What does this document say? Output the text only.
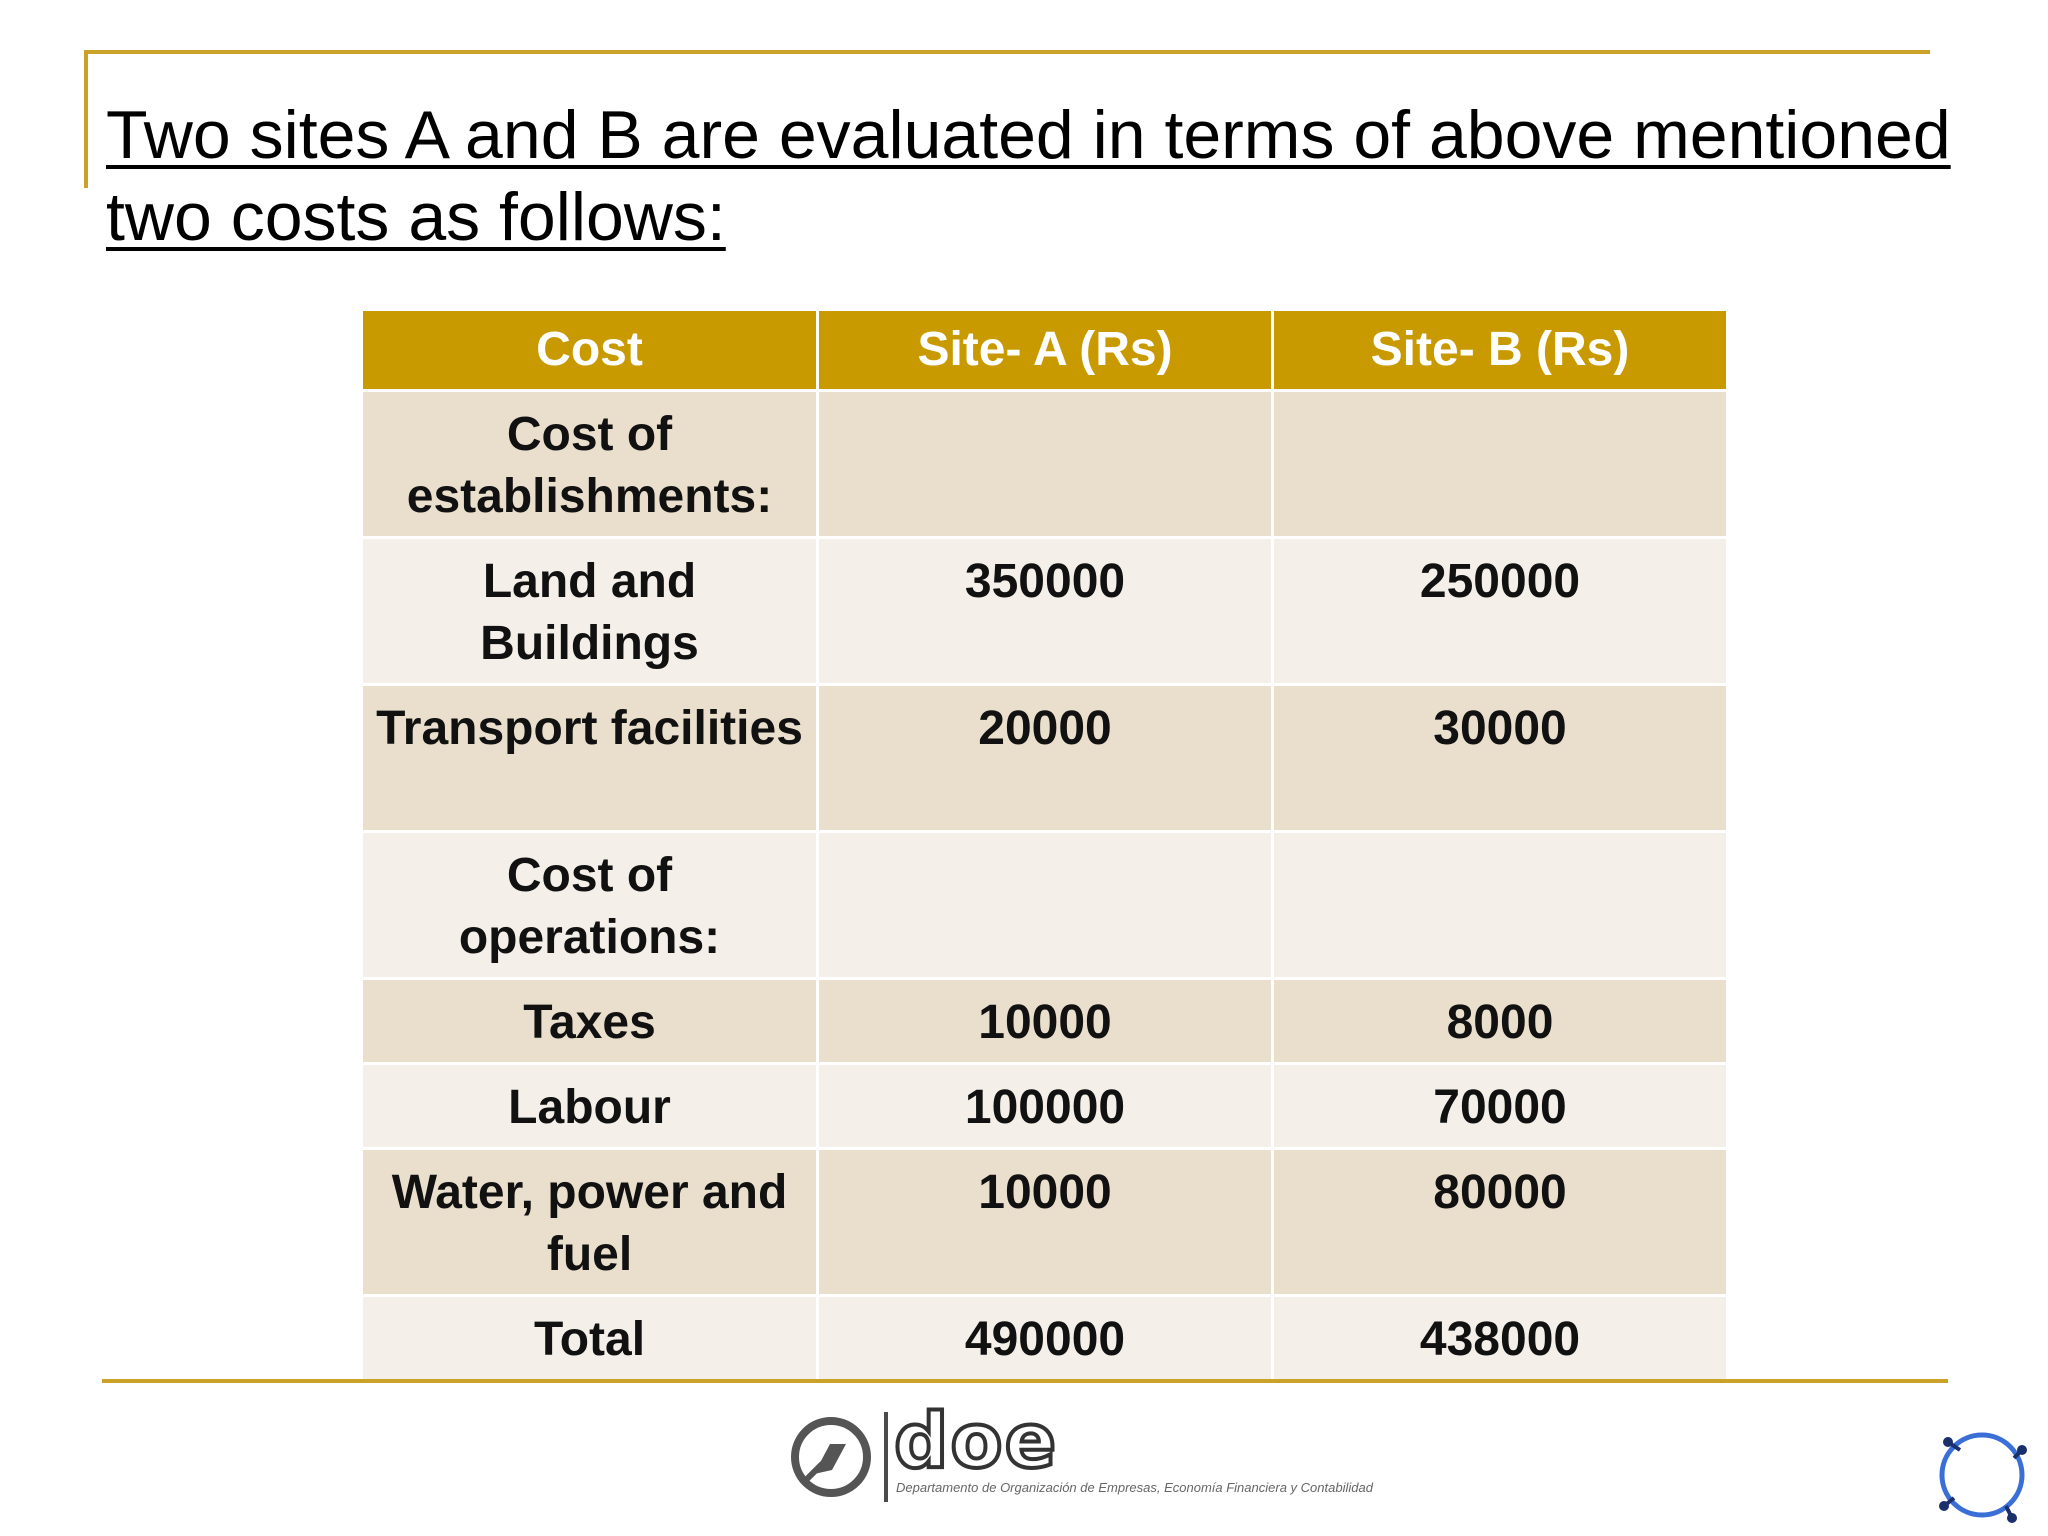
Two sites A and B are evaluated in terms of above mentioned two costs as follows:
Cost	Site- A (Rs)	Site- B (Rs)
Cost of establishments:		
Land and Buildings	350000	250000
Transport facilities	20000	30000
Cost of operations:		
Taxes	10000	8000
Labour	100000	70000
Water, power and fuel	10000	80000
Total	490000	438000
doe
Departamento de Organización de Empresas, Economía Financiera y Contabilidad
